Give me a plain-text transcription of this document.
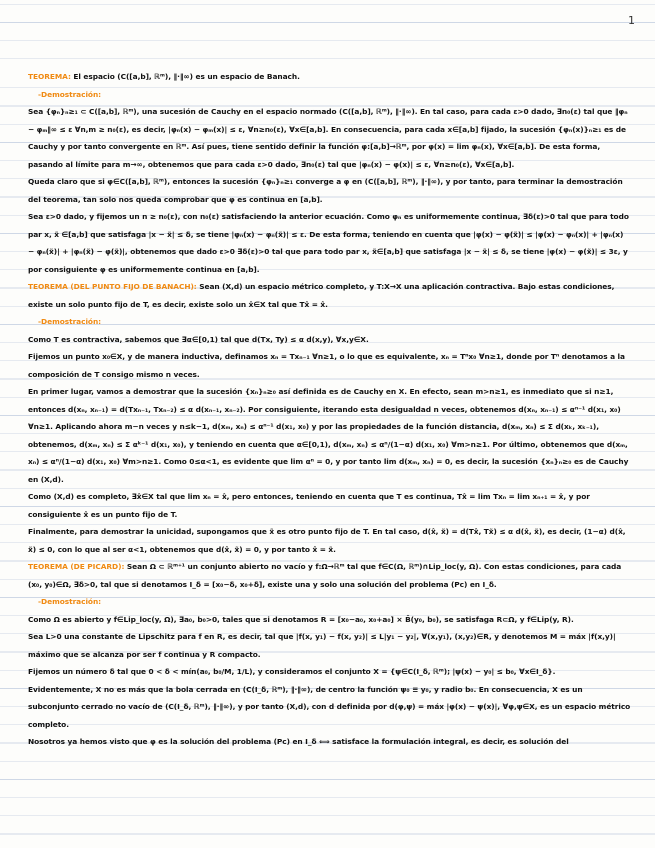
1

TEOREMA: El espacio (C([a,b], ℝᵐ), ‖·‖∞) es un espacio de Banach.

-Demostración:

Sea {φₙ}ₙ≥₁ ⊂ C([a,b], ℝᵐ), una sucesión de Cauchy en el espacio normado (C([a,b], ℝᵐ), ‖·‖∞). En tal caso, para cada ε>0 dado, ∃n₀(ε) tal que ‖φₙ − φₘ‖∞ ≤ ε ∀n,m ≥ n₀(ε), es decir, |φₙ(x) − φₘ(x)| ≤ ε, ∀n≥n₀(ε), ∀x∈[a,b]. En consecuencia, para cada x∈[a,b] fijado, la sucesión {φₙ(x)}ₙ≥₁ es de Cauchy y por tanto convergente en ℝᵐ. Así pues, tiene sentido definir la función φ:[a,b]→ℝᵐ, por φ(x) = lim φₙ(x), ∀x∈[a,b]. De esta forma, pasando al límite para m→∞, obtenemos que para cada ε>0 dado, ∃n₀(ε) tal que |φₙ(x) − φ(x)| ≤ ε, ∀n≥n₀(ε), ∀x∈[a,b].

Queda claro que si φ∈C([a,b], ℝᵐ), entonces la sucesión {φₙ}ₙ≥₁ converge a φ en (C([a,b], ℝᵐ), ‖·‖∞), y por tanto, para terminar la demostración del teorema, tan solo nos queda comprobar que φ es continua en [a,b].

Sea ε>0 dado, y fijemos un n ≥ n₀(ε), con n₀(ε) satisfaciendo la anterior ecuación. Como φₙ es uniformemente continua, ∃δ(ε)>0 tal que para todo par x, x̃ ∈[a,b] que satisfaga |x − x̃| ≤ δ, se tiene |φₙ(x) − φₙ(x̃)| ≤ ε. De esta forma, teniendo en cuenta que |φ(x) − φ(x̃)| ≤ |φ(x) − φₙ(x)| + |φₙ(x) − φₙ(x̃)| + |φₙ(x̃) − φ(x̃)|, obtenemos que dado ε>0 ∃δ(ε)>0 tal que para todo par x, x̃∈[a,b] que satisfaga |x − x̃| ≤ δ, se tiene |φ(x) − φ(x̃)| ≤ 3ε, y por consiguiente φ es uniformemente continua en [a,b].

TEOREMA (DEL PUNTO FIJO DE BANACH): Sean (X,d) un espacio métrico completo, y T:X→X una aplicación contractiva. Bajo estas condiciones, existe un solo punto fijo de T, es decir, existe solo un x̂∈X tal que Tx̂ = x̂.

-Demostración:

Como T es contractiva, sabemos que ∃α∈[0,1) tal que d(Tx, Ty) ≤ α d(x,y), ∀x,y∈X.

Fijemos un punto x₀∈X, y de manera inductiva, definamos xₙ = Txₙ₋₁ ∀n≥1, o lo que es equivalente, xₙ = Tⁿx₀ ∀n≥1, donde por Tⁿ denotamos a la composición de T consigo mismo n veces.

En primer lugar, vamos a demostrar que la sucesión {xₙ}ₙ≥₀ así definida es de Cauchy en X. En efecto, sean m>n≥1, es inmediato que si n≥1, entonces d(xₙ, xₙ₋₁) = d(Txₙ₋₁, Txₙ₋₂) ≤ α d(xₙ₋₁, xₙ₋₂). Por consiguiente, iterando esta desigualdad n veces, obtenemos d(xₙ, xₙ₋₁) ≤ αⁿ⁻¹ d(x₁, x₀) ∀n≥1. Aplicando ahora m−n veces y n≤k−1, d(xₘ, xₙ) ≤ αⁿ⁻¹ d(x₁, x₀) y por las propiedades de la función distancia, d(xₘ, xₙ) ≤ Σ d(xₖ, xₖ₋₁), obtenemos, d(xₘ, xₙ) ≤ Σ αᵏ⁻¹ d(x₁, x₀), y teniendo en cuenta que α∈[0,1), d(xₘ, xₙ) ≤ αⁿ/(1−α) d(x₁, x₀) ∀m>n≥1. Por último, obtenemos que d(xₘ, xₙ) ≤ αⁿ/(1−α) d(x₁, x₀) ∀m>n≥1. Como 0≤α<1, es evidente que lim αⁿ = 0, y por tanto lim d(xₘ, xₙ) = 0, es decir, la sucesión {xₙ}ₙ≥₀ es de Cauchy en (X,d).

Como (X,d) es completo, ∃x̂∈X tal que lim xₙ = x̂, pero entonces, teniendo en cuenta que T es continua, Tx̂ = lim Txₙ = lim xₙ₊₁ = x̂, y por consiguiente x̂ es un punto fijo de T.

Finalmente, para demostrar la unicidad, supongamos que x̃ es otro punto fijo de T. En tal caso, d(x̂, x̃) = d(Tx̂, Tx̃) ≤ α d(x̂, x̃), es decir, (1−α) d(x̂, x̃) ≤ 0, con lo que al ser α<1, obtenemos que d(x̂, x̃) = 0, y por tanto x̂ = x̃.

TEOREMA (DE PICARD): Sean Ω ⊂ ℝᵐ⁺¹ un conjunto abierto no vacío y f:Ω→ℝᵐ tal que f∈C(Ω, ℝᵐ)∩Lip_loc(y, Ω). Con estas condiciones, para cada (x₀, y₀)∈Ω, ∃δ>0, tal que si denotamos I_δ = [x₀−δ, x₀+δ], existe una y solo una solución del problema (Pc) en I_δ.

-Demostración:

Como Ω es abierto y f∈Lip_loc(y, Ω), ∃a₀, b₀>0, tales que si denotamos R = [x₀−a₀, x₀+a₀] × B̄(y₀, b₀), se satisfaga R⊂Ω, y f∈Lip(y, R).

Sea L>0 una constante de Lipschitz para f en R, es decir, tal que |f(x, y₁) − f(x, y₂)| ≤ L|y₁ − y₂|, ∀(x,y₁), (x,y₂)∈R, y denotemos M = máx |f(x,y)| máximo que se alcanza por ser f continua y R compacto.

Fijemos un número δ tal que 0 < δ < mín(a₀, b₀/M, 1/L), y consideramos el conjunto X = {ψ∈C(I_δ, ℝᵐ); |ψ(x) − y₀| ≤ b₀, ∀x∈I_δ}.

Evidentemente, X no es más que la bola cerrada en (C(I_δ, ℝᵐ), ‖·‖∞), de centro la función ψ₀ ≡ y₀, y radio b₀. En consecuencia, X es un subconjunto cerrado no vacío de (C(I_δ, ℝᵐ), ‖·‖∞), y por tanto (X,d), con d definida por d(φ,ψ) = máx |φ(x) − ψ(x)|, ∀φ,ψ∈X, es un espacio métrico completo.

Nosotros ya hemos visto que φ es la solución del problema (Pc) en I_δ ⟺ satisface la formulación integral, es decir, es solución del
